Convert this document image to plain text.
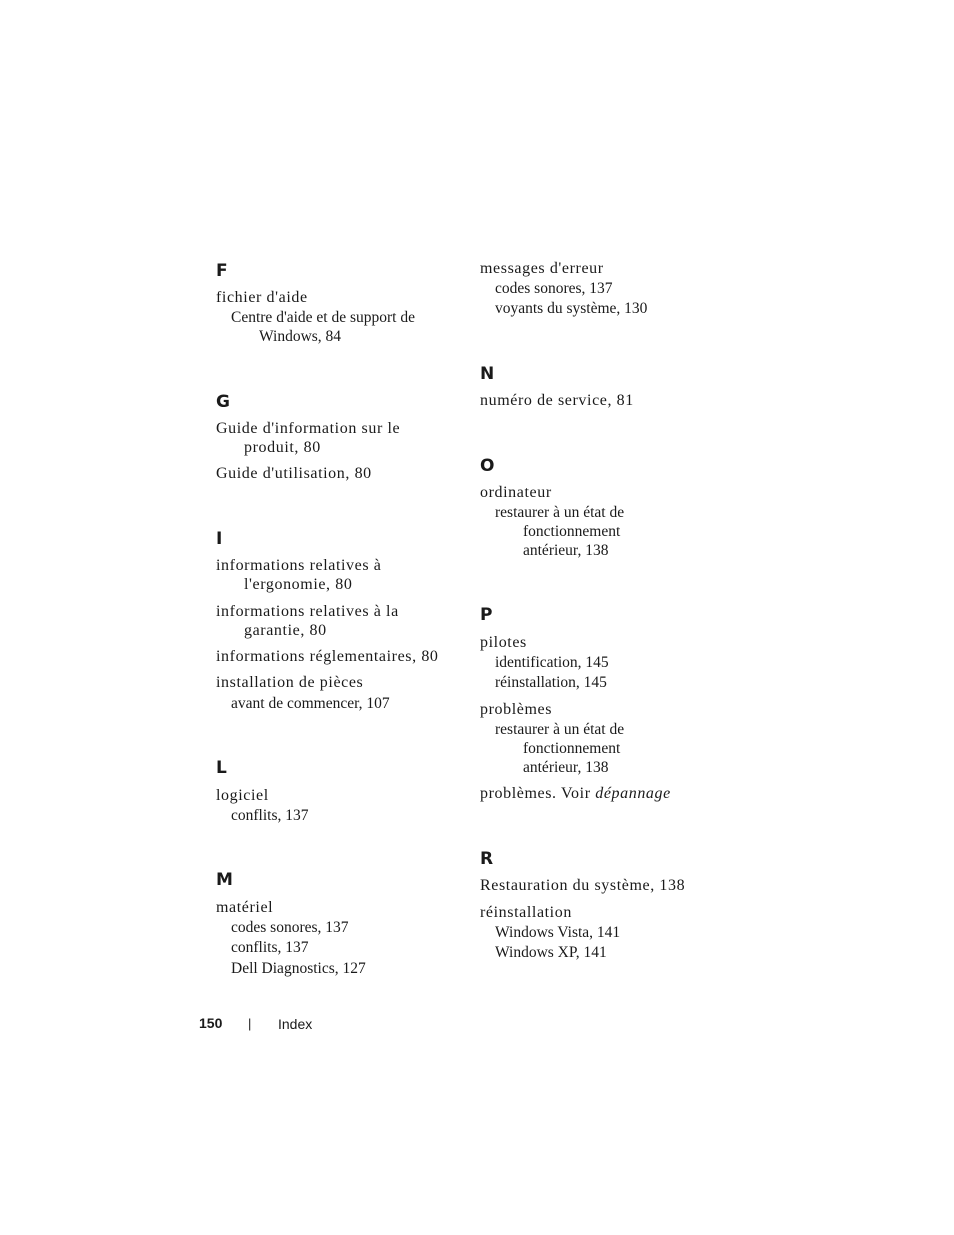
F
fichier d'aide
Centre d'aide et de support de
Windows, 84
G
Guide d'information sur le
produit, 80
Guide d'utilisation, 80
I
informations relatives à
l'ergonomie, 80
informations relatives à la
garantie, 80
informations réglementaires, 80
installation de pièces
avant de commencer, 107
L
logiciel
conflits, 137
M
matériel
codes sonores, 137
conflits, 137
Dell Diagnostics, 127
messages d'erreur
codes sonores, 137
voyants du système, 130
N
numéro de service, 81
O
ordinateur
restaurer à un état de
fonctionnement
antérieur, 138
P
pilotes
identification, 145
réinstallation, 145
problèmes
restaurer à un état de
fonctionnement
antérieur, 138
problèmes. Voir dépannage
R
Restauration du système, 138
réinstallation
Windows Vista, 141
Windows XP, 141
150 | Index
